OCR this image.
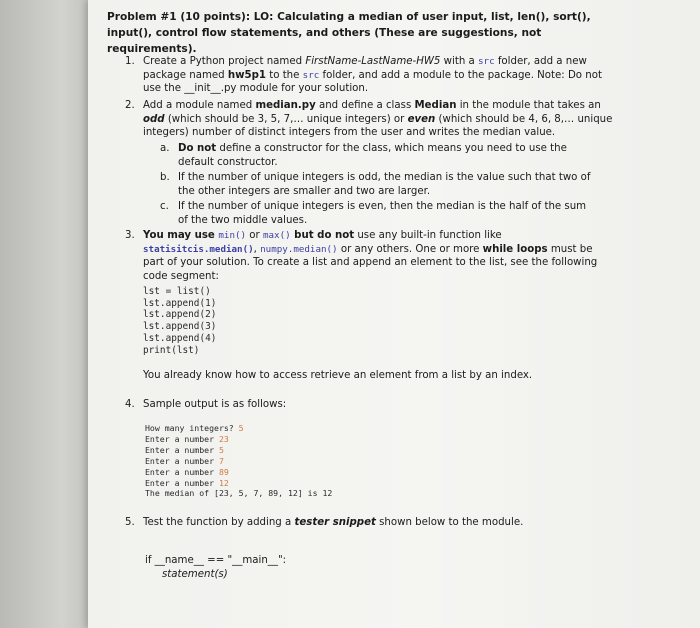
Problem #1 (10 points): LO: Calculating a median of user input, list, len(), sort(), input(), control flow statements, and others (These are suggestions, not requirements).
1. Create a Python project named FirstName-LastName-HW5 with a src folder, add a new package named hw5p1 to the src folder, and add a module to the package. Note: Do not use the __init__.py module for your solution.
2. Add a module named median.py and define a class Median in the module that takes an odd (which should be 3, 5, 7,… unique integers) or even (which should be 4, 6, 8,… unique integers) number of distinct integers from the user and writes the median value.
a. Do not define a constructor for the class, which means you need to use the default constructor.
b. If the number of unique integers is odd, the median is the value such that two of the other integers are smaller and two are larger.
c. If the number of unique integers is even, then the median is the half of the sum of the two middle values.
3. You may use min() or max() but do not use any built-in function like statisitcis.median(), numpy.median() or any others. One or more while loops must be part of your solution. To create a list and append an element to the list, see the following code segment:
lst = list()
lst.append(1)
lst.append(2)
lst.append(3)
lst.append(4)
print(lst)
You already know how to access retrieve an element from a list by an index.
4. Sample output is as follows:
How many integers? 5
Enter a number 23
Enter a number 5
Enter a number 7
Enter a number 89
Enter a number 12
The median of [23, 5, 7, 89, 12] is 12
5. Test the function by adding a tester snippet shown below to the module.
if __name__ == "__main__":
statement(s)
